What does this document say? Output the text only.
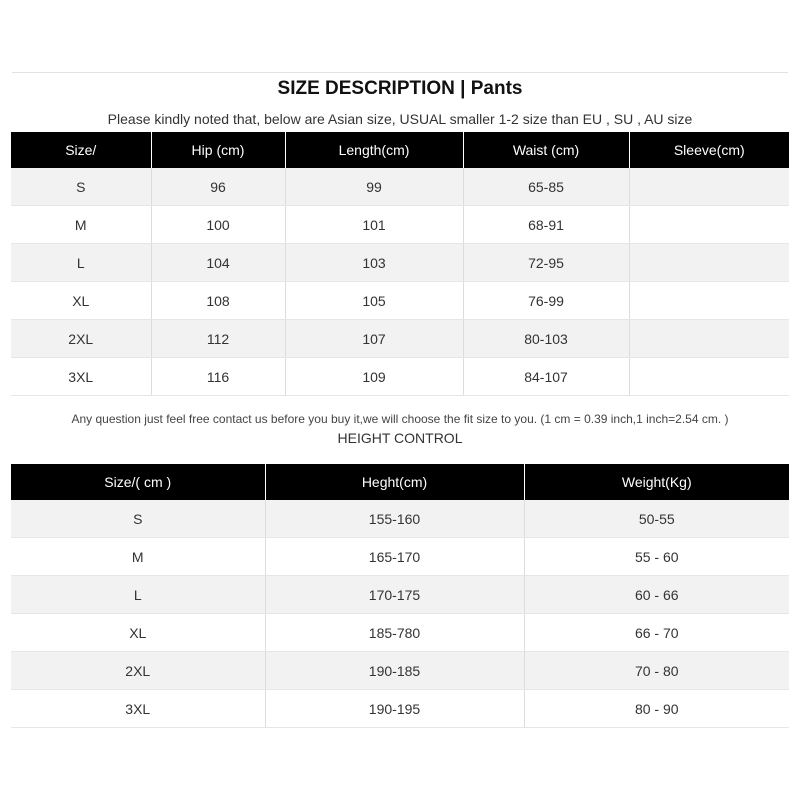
SIZE DESCRIPTION | Pants
Please kindly noted that, below are Asian size, USUAL smaller 1-2 size than EU , SU , AU size
Size/	Hip (cm)	Length(cm)	Waist (cm)	Sleeve(cm)
S	96	99	65-85	
M	100	101	68-91	
L	104	103	72-95	
XL	108	105	76-99	
2XL	112	107	80-103	
3XL	116	109	84-107	
Any question just feel free contact us before you buy it,we will choose the fit size to you. (1 cm = 0.39 inch,1 inch=2.54 cm. )
HEIGHT CONTROL
Size/( cm )	Heght(cm)	Weight(Kg)
S	155-160	50-55
M	165-170	55 - 60
L	170-175	60 - 66
XL	185-780	66 - 70
2XL	190-185	70 - 80
3XL	190-195	80 - 90
